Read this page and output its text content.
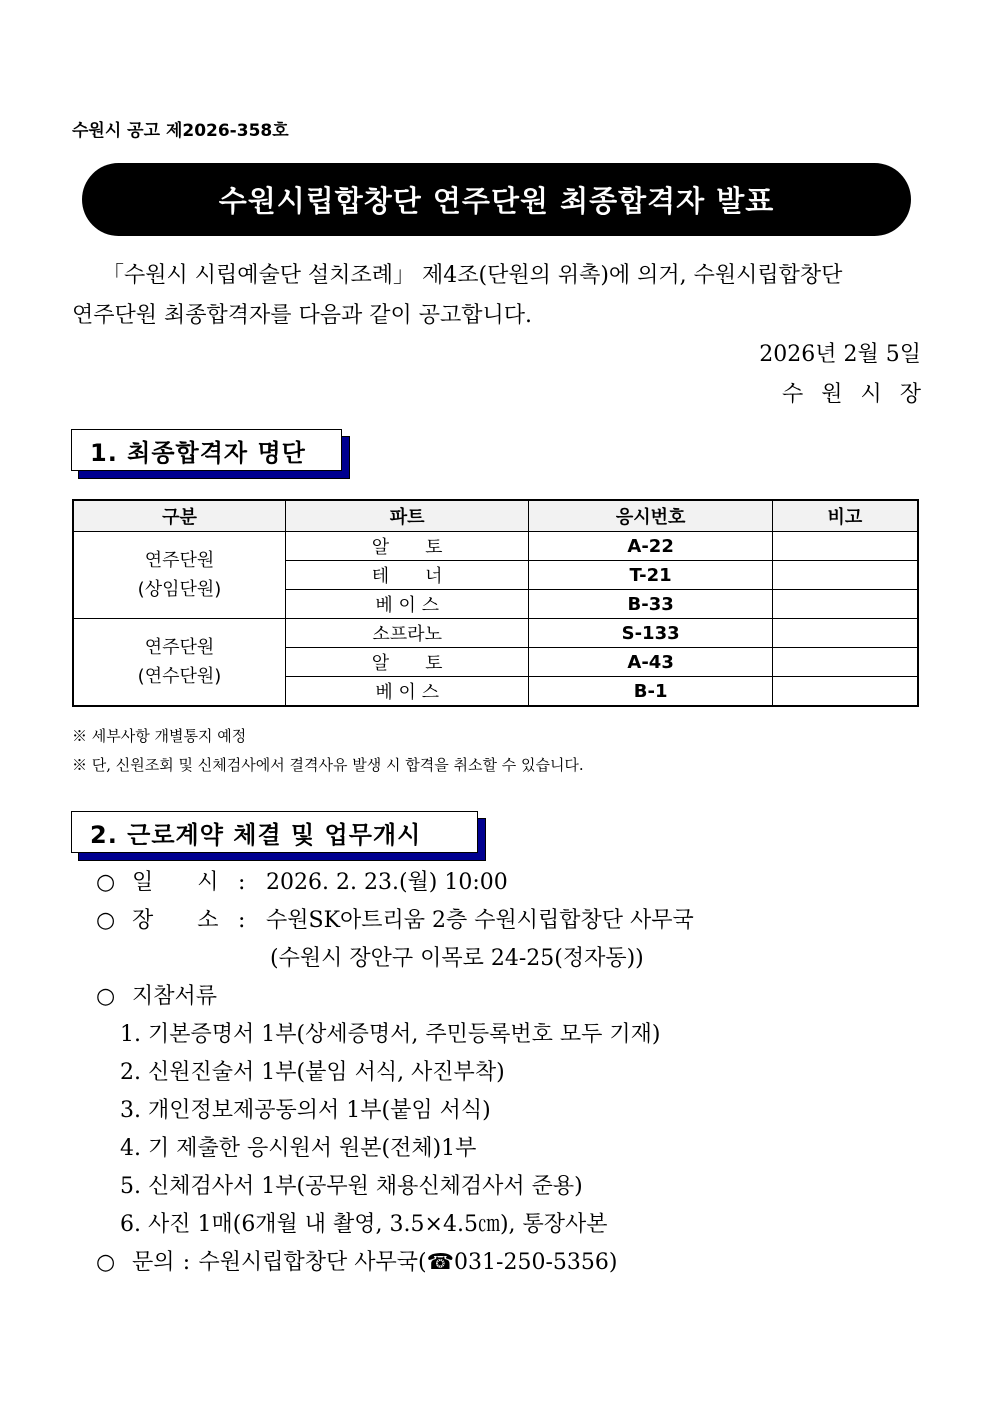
수원시 공고 제2026-358호
수원시립합창단 연주단원 최종합격자 발표
「수원시 시립예술단 설치조례」 제4조(단원의 위촉)에 의거, 수원시립합창단
연주단원 최종합격자를 다음과 같이 공고합니다.
2026년 2월 5일
수원시장
1. 최종합격자 명단
구분	파트	응시번호	비고

연주단원
(상임단원)	알　　토	A-22	
	테　　너	T-21	
	베 이 스	B-33	

연주단원
(연수단원)	소프라노	S-133	
	알　　토	A-43	
	베 이 스	B-1	
※ 세부사항 개별통지 예정
※ 단, 신원조회 및 신체검사에서 결격사유 발생 시 합격을 취소할 수 있습니다.
2. 근로계약 체결 및 업무개시
○ 일　　시 : 2026. 2. 23.(월) 10:00
○ 장　　소 : 수원SK아트리움 2층 수원시립합창단 사무국
(수원시 장안구 이목로 24-25(정자동))
○ 지참서류
1. 기본증명서 1부(상세증명서, 주민등록번호 모두 기재)
2. 신원진술서 1부(붙임 서식, 사진부착)
3. 개인정보제공동의서 1부(붙임 서식)
4. 기 제출한 응시원서 원본(전체)1부
5. 신체검사서 1부(공무원 채용신체검사서 준용)
6. 사진 1매(6개월 내 촬영, 3.5×4.5㎝), 통장사본
○ 문의 : 수원시립합창단 사무국( ☎ 031-250-5356)
